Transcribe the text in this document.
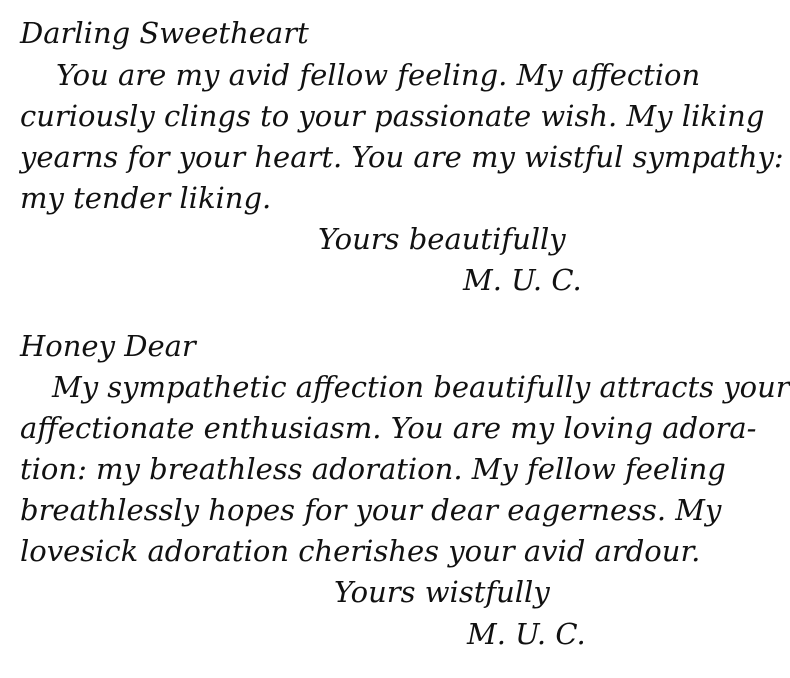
Darling Sweetheart
You are my avid fellow feeling. My affection
curiously clings to your passionate wish. My liking
yearns for your heart. You are my wistful sympathy:
my tender liking.
Yours beautifully
M. U. C.
Honey Dear
My sympathetic affection beautifully attracts your
affectionate enthusiasm. You are my loving adora-
tion: my breathless adoration. My fellow feeling
breathlessly hopes for your dear eagerness. My
lovesick adoration cherishes your avid ardour.
Yours wistfully
M. U. C.
